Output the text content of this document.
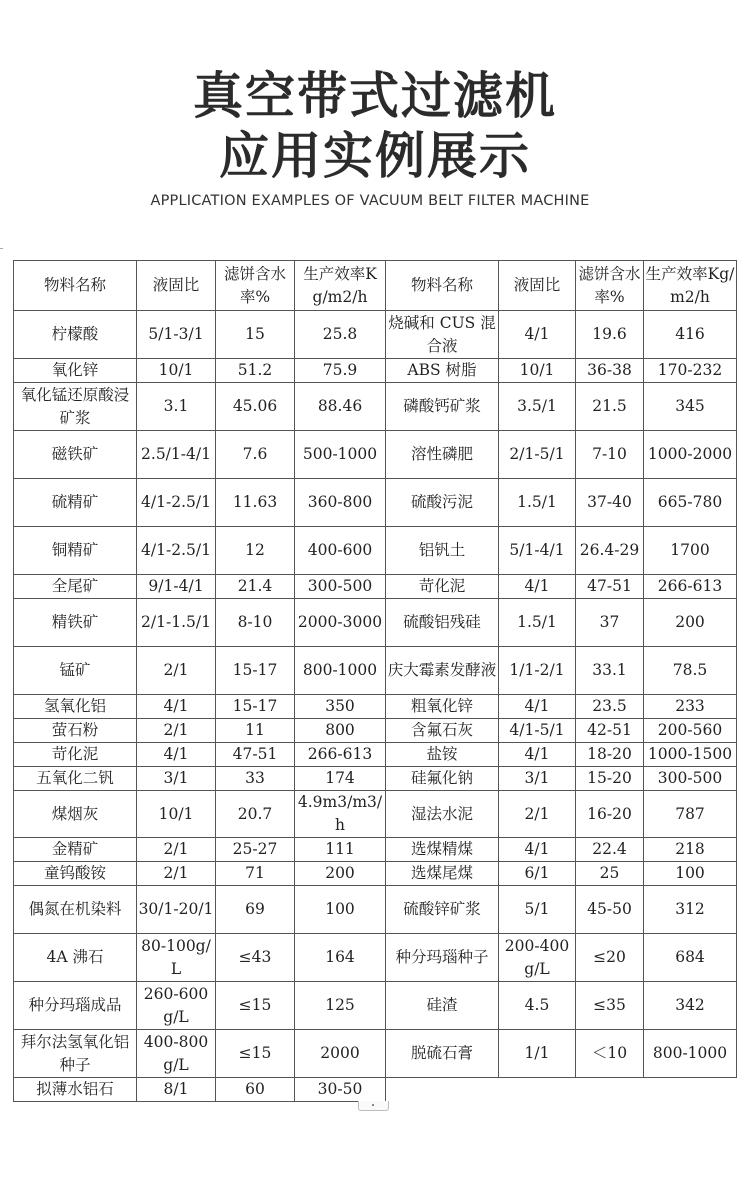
真空带式过滤机
应用实例展示
APPLICATION EXAMPLES OF VACUUM BELT FILTER MACHINE
物料名称	液固比	滤饼含水率%	生产效率Kg/m2/h	物料名称	液固比	滤饼含水率%	生产效率Kg/m2/h
柠檬酸	5/1-3/1	15	25.8	烧碱和 CUS 混合液	4/1	19.6	416
氧化锌	10/1	51.2	75.9	ABS 树脂	10/1	36-38	170-232
氧化锰还原酸浸矿浆	3.1	45.06	88.46	磷酸钙矿浆	3.5/1	21.5	345
磁铁矿	2.5/1-4/1	7.6	500-1000	溶性磷肥	2/1-5/1	7-10	1000-2000
硫精矿	4/1-2.5/1	11.63	360-800	硫酸污泥	1.5/1	37-40	665-780
铜精矿	4/1-2.5/1	12	400-600	铝钒土	5/1-4/1	26.4-29	1700
全尾矿	9/1-4/1	21.4	300-500	苛化泥	4/1	47-51	266-613
精铁矿	2/1-1.5/1	8-10	2000-3000	硫酸铝残硅	1.5/1	37	200
锰矿	2/1	15-17	800-1000	庆大霉素发酵液	1/1-2/1	33.1	78.5
氢氧化铝	4/1	15-17	350	粗氧化锌	4/1	23.5	233
萤石粉	2/1	11	800	含氟石灰	4/1-5/1	42-51	200-560
苛化泥	4/1	47-51	266-613	盐铵	4/1	18-20	1000-1500
五氧化二钒	3/1	33	174	硅氟化钠	3/1	15-20	300-500
煤烟灰	10/1	20.7	4.9m3/m3/h	湿法水泥	2/1	16-20	787
金精矿	2/1	25-27	111	选煤精煤	4/1	22.4	218
童钨酸铵	2/1	71	200	选煤尾煤	6/1	25	100
偶氮在机染料	30/1-20/1	69	100	硫酸锌矿浆	5/1	45-50	312
4A 沸石	80-100g/L	≤43	164	种分玛瑙种子	200-400g/L	≤20	684
种分玛瑙成品	260-600g/L	≤15	125	硅渣	4.5	≤35	342
拜尔法氢氧化铝种子	400-800g/L	≤15	2000	脱硫石膏	1/1	＜10	800-1000
拟薄水铝石	8/1	60	30-50				
